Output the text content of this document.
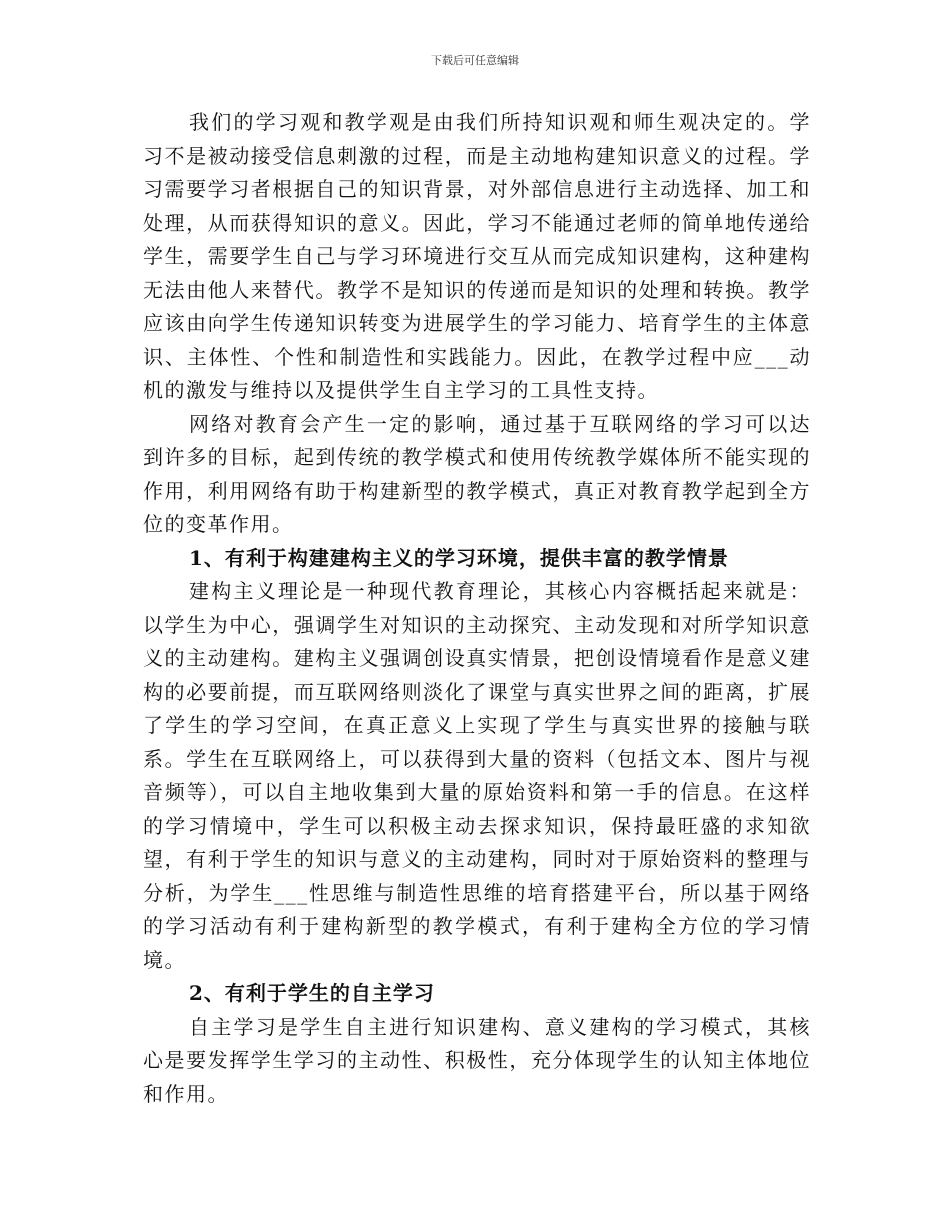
下载后可任意编辑

我们的学习观和教学观是由我们所持知识观和师生观决定的。学习不是被动接受信息刺激的过程，而是主动地构建知识意义的过程。学习需要学习者根据自己的知识背景，对外部信息进行主动选择、加工和处理，从而获得知识的意义。因此，学习不能通过老师的简单地传递给学生，需要学生自己与学习环境进行交互从而完成知识建构，这种建构无法由他人来替代。教学不是知识的传递而是知识的处理和转换。教学应该由向学生传递知识转变为进展学生的学习能力、培育学生的主体意识、主体性、个性和制造性和实践能力。因此，在教学过程中应___动机的激发与维持以及提供学生自主学习的工具性支持。

网络对教育会产生一定的影响，通过基于互联网络的学习可以达到许多的目标，起到传统的教学模式和使用传统教学媒体所不能实现的作用，利用网络有助于构建新型的教学模式，真正对教育教学起到全方位的变革作用。

1、有利于构建建构主义的学习环境，提供丰富的教学情景

建构主义理论是一种现代教育理论，其核心内容概括起来就是：以学生为中心，强调学生对知识的主动探究、主动发现和对所学知识意义的主动建构。建构主义强调创设真实情景，把创设情境看作是意义建构的必要前提，而互联网络则淡化了课堂与真实世界之间的距离，扩展了学生的学习空间，在真正意义上实现了学生与真实世界的接触与联系。学生在互联网络上，可以获得到大量的资料（包括文本、图片与视音频等），可以自主地收集到大量的原始资料和第一手的信息。在这样的学习情境中，学生可以积极主动去探求知识，保持最旺盛的求知欲望，有利于学生的知识与意义的主动建构，同时对于原始资料的整理与分析，为学生___性思维与制造性思维的培育搭建平台，所以基于网络的学习活动有利于建构新型的教学模式，有利于建构全方位的学习情境。

2、有利于学生的自主学习

自主学习是学生自主进行知识建构、意义建构的学习模式，其核心是要发挥学生学习的主动性、积极性，充分体现学生的认知主体地位和作用。
